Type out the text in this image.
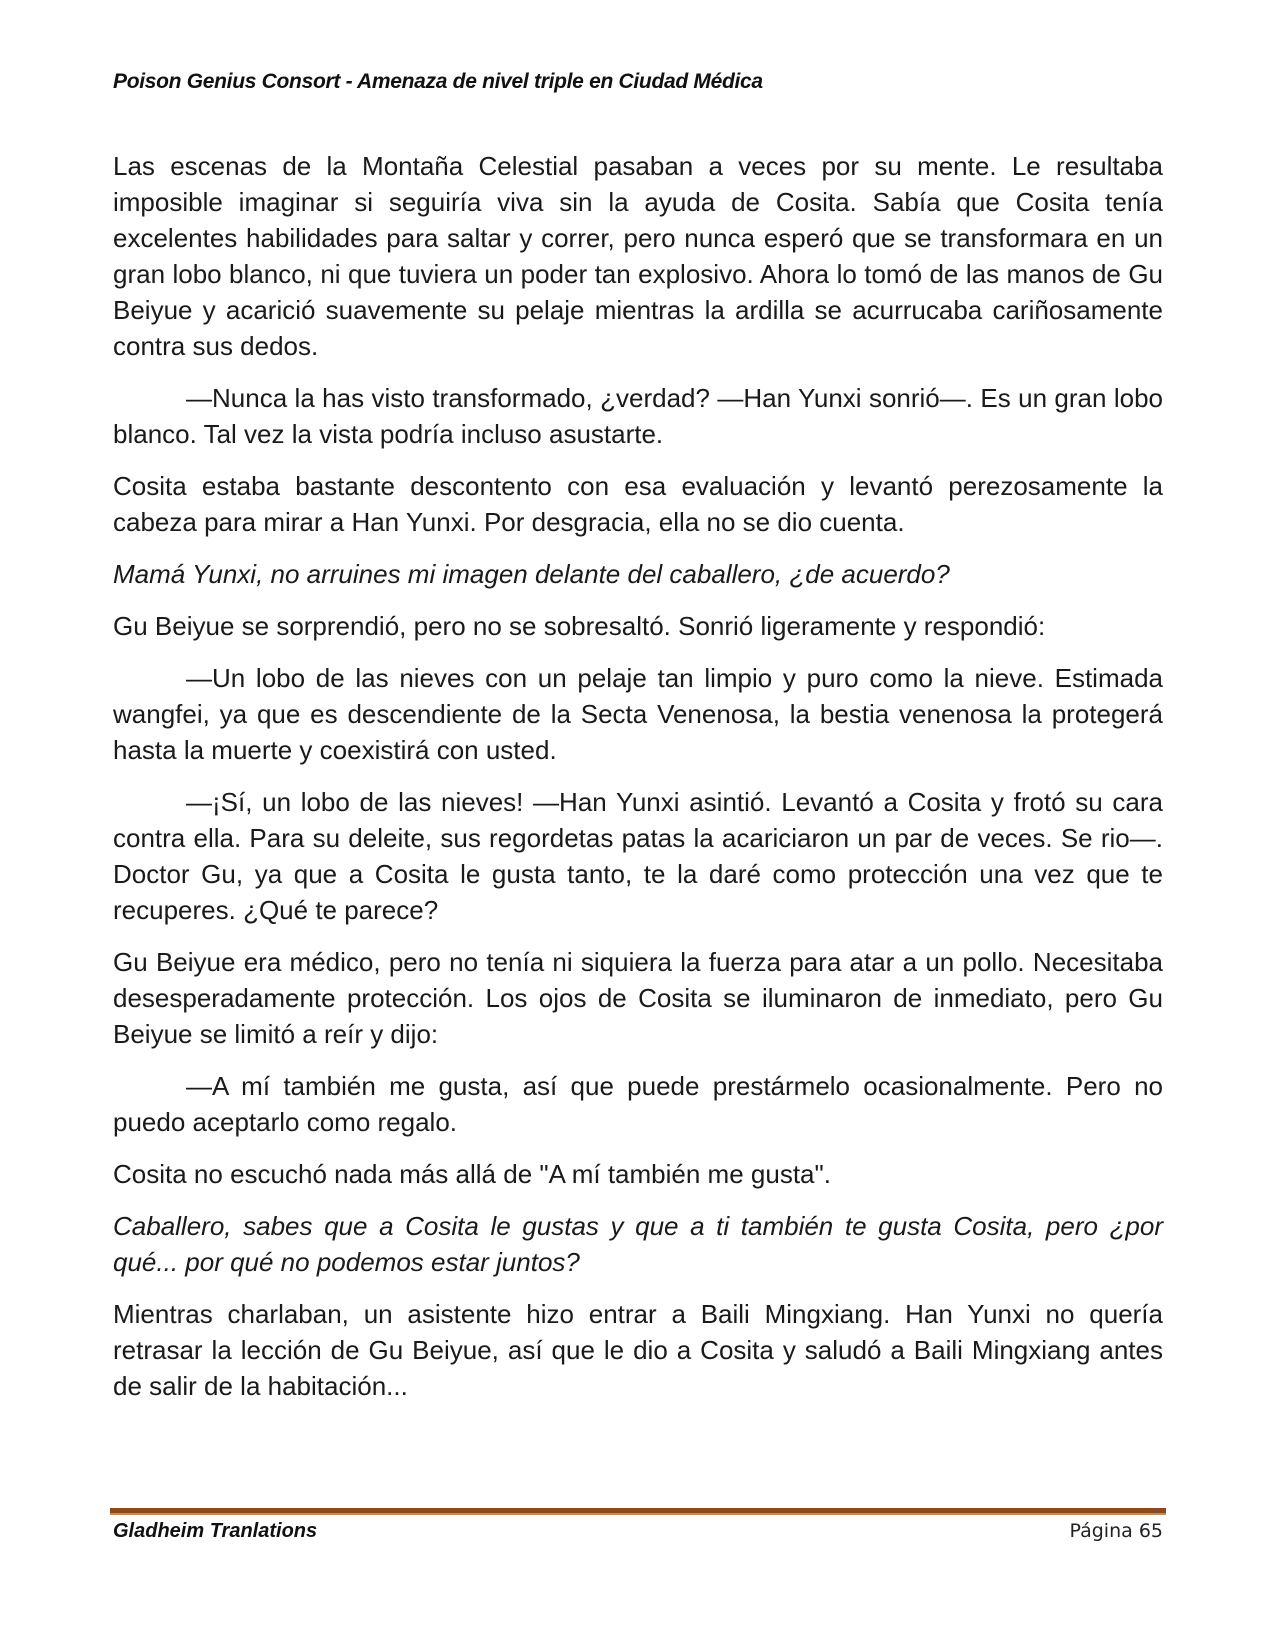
Poison Genius Consort - Amenaza de nivel triple en Ciudad Médica

Las escenas de la Montaña Celestial pasaban a veces por su mente. Le resultaba imposible imaginar si seguiría viva sin la ayuda de Cosita. Sabía que Cosita tenía excelentes habilidades para saltar y correr, pero nunca esperó que se transformara en un gran lobo blanco, ni que tuviera un poder tan explosivo. Ahora lo tomó de las manos de Gu Beiyue y acarició suavemente su pelaje mientras la ardilla se acurrucaba cariñosamente contra sus dedos.

—Nunca la has visto transformado, ¿verdad? —Han Yunxi sonrió—. Es un gran lobo blanco. Tal vez la vista podría incluso asustarte.

Cosita estaba bastante descontento con esa evaluación y levantó perezosamente la cabeza para mirar a Han Yunxi. Por desgracia, ella no se dio cuenta.

Mamá Yunxi, no arruines mi imagen delante del caballero, ¿de acuerdo?

Gu Beiyue se sorprendió, pero no se sobresaltó. Sonrió ligeramente y respondió:

—Un lobo de las nieves con un pelaje tan limpio y puro como la nieve. Estimada wangfei, ya que es descendiente de la Secta Venenosa, la bestia venenosa la protegerá hasta la muerte y coexistirá con usted.

—¡Sí, un lobo de las nieves! —Han Yunxi asintió. Levantó a Cosita y frotó su cara contra ella. Para su deleite, sus regordetas patas la acariciaron un par de veces. Se rio—. Doctor Gu, ya que a Cosita le gusta tanto, te la daré como protección una vez que te recuperes. ¿Qué te parece?

Gu Beiyue era médico, pero no tenía ni siquiera la fuerza para atar a un pollo. Necesitaba desesperadamente protección. Los ojos de Cosita se iluminaron de inmediato, pero Gu Beiyue se limitó a reír y dijo:

—A mí también me gusta, así que puede prestármelo ocasionalmente. Pero no puedo aceptarlo como regalo.

Cosita no escuchó nada más allá de "A mí también me gusta".

Caballero, sabes que a Cosita le gustas y que a ti también te gusta Cosita, pero ¿por qué... por qué no podemos estar juntos?

Mientras charlaban, un asistente hizo entrar a Baili Mingxiang. Han Yunxi no quería retrasar la lección de Gu Beiyue, así que le dio a Cosita y saludó a Baili Mingxiang antes de salir de la habitación...

Gladheim Tranlations	Página 65
